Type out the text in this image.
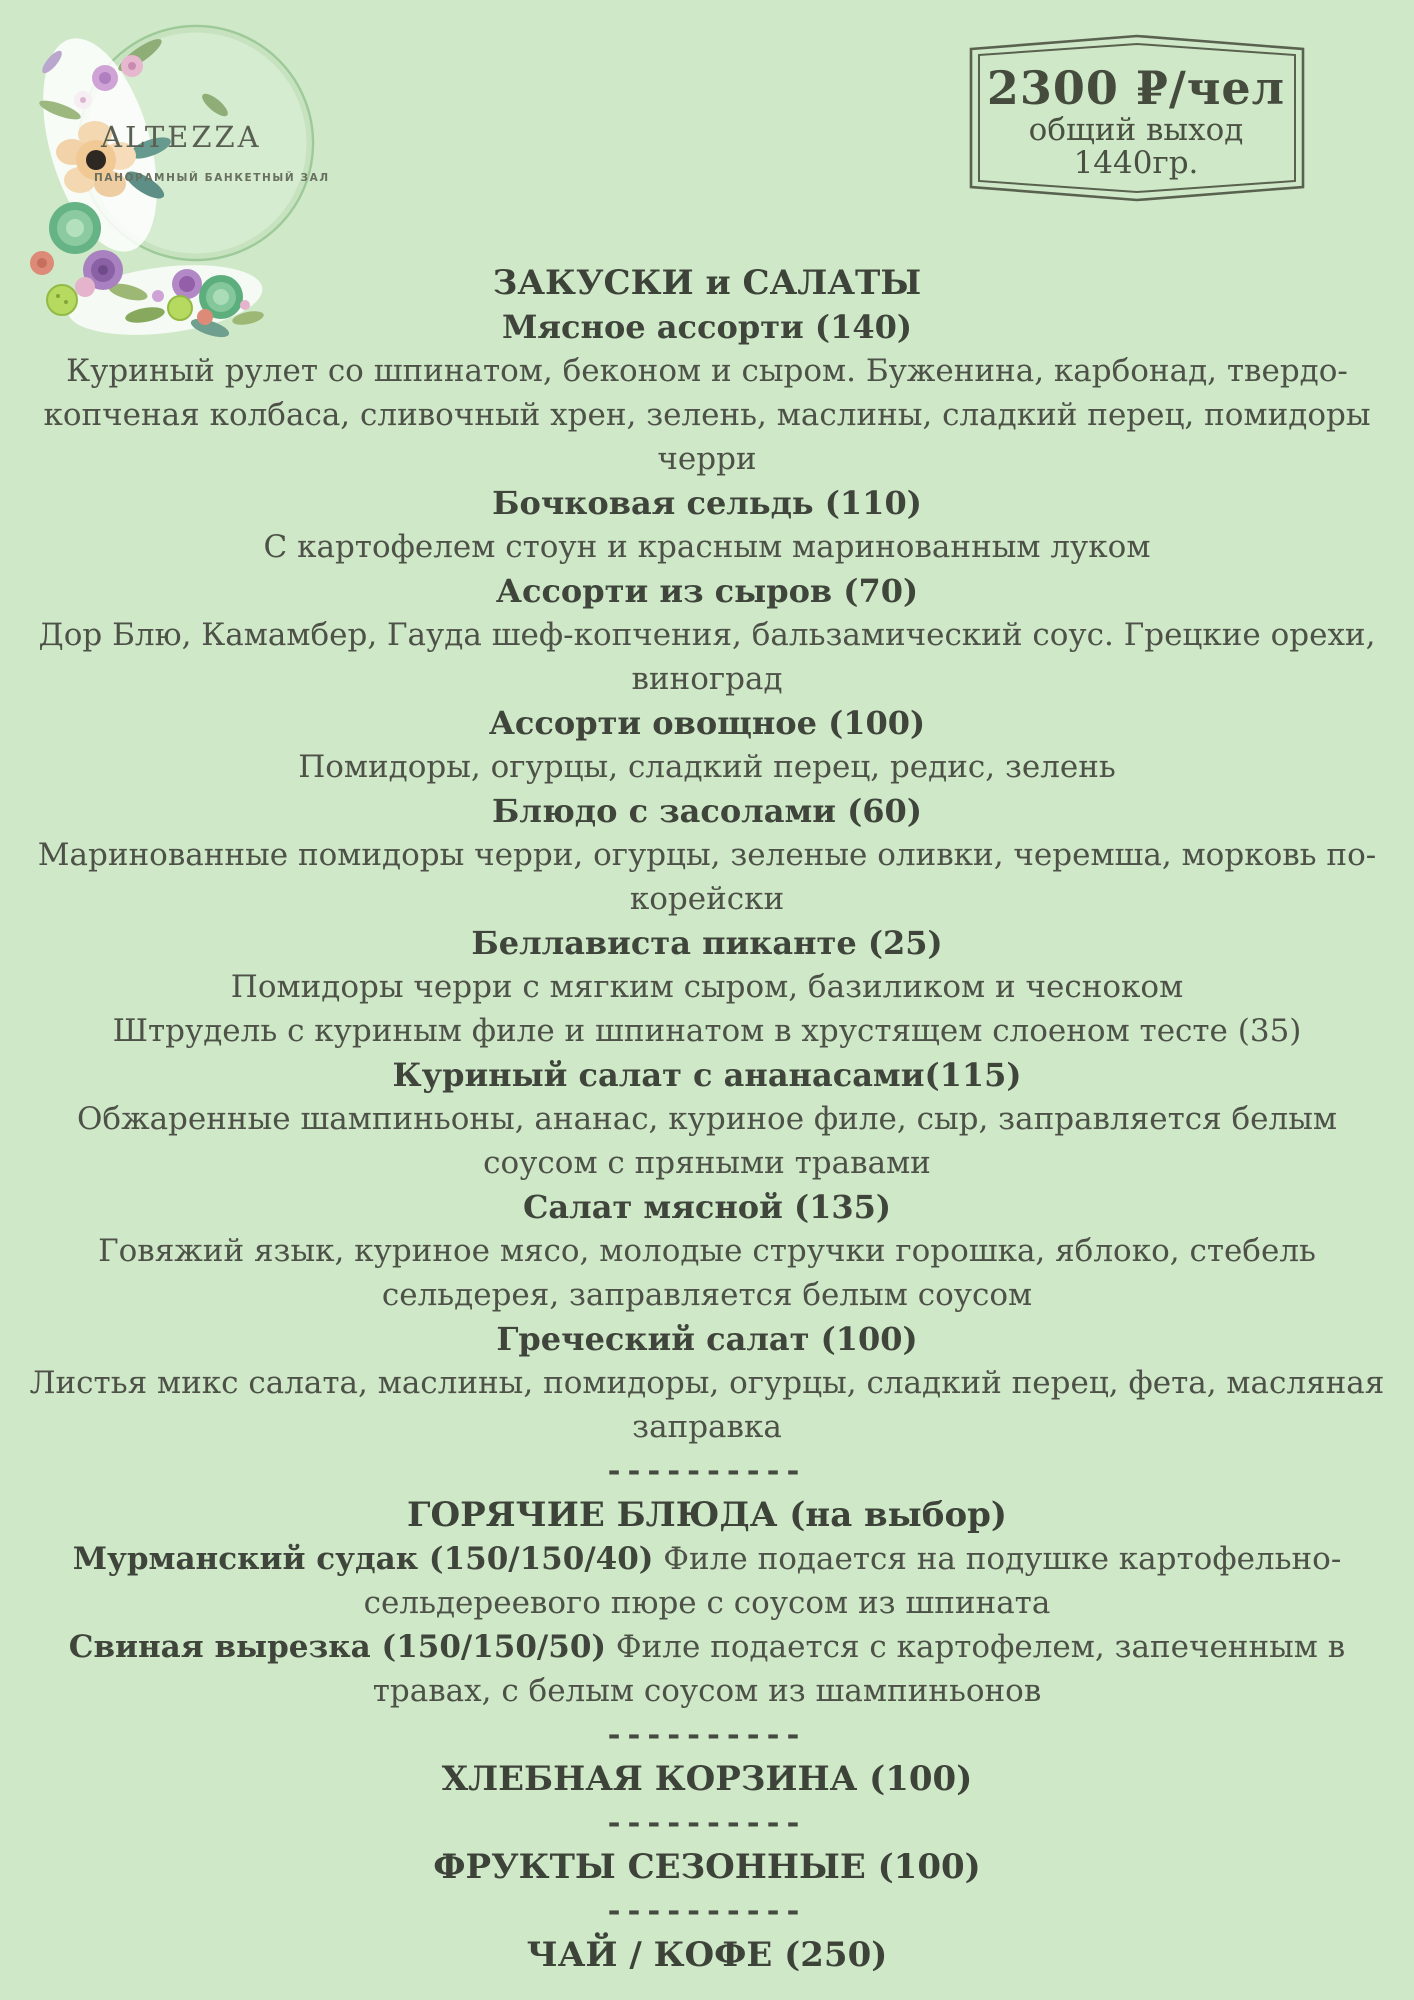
ALTEZZA
ПАНОРАМНЫЙ БАНКЕТНЫЙ ЗАЛ
2300 ₽/чел
общий выход
1440гр.
ЗАКУСКИ и САЛАТЫ
Мясное ассорти (140)
Куриный рулет со шпинатом, беконом и сыром. Буженина, карбонад, твердо-копченая колбаса, сливочный хрен, зелень, маслины, сладкий перец, помидоры черри
Бочковая сельдь (110)
С картофелем стоун и красным маринованным луком
Ассорти из сыров (70)
Дор Блю, Камамбер, Гауда шеф-копчения, бальзамический соус. Грецкие орехи, виноград
Ассорти овощное (100)
Помидоры, огурцы, сладкий перец, редис, зелень
Блюдо с засолами (60)
Маринованные помидоры черри, огурцы, зеленые оливки, черемша, морковь по-корейски
Беллависта пиканте (25)
Помидоры черри с мягким сыром, базиликом и чесноком
Штрудель с куриным филе и шпинатом в хрустящем слоеном тесте (35)
Куриный салат с ананасами(115)
Обжаренные шампиньоны, ананас, куриное филе, сыр, заправляется белым соусом с пряными травами
Салат мясной (135)
Говяжий язык, куриное мясо, молодые стручки горошка, яблоко, стебель сельдерея, заправляется белым соусом
Греческий салат (100)
Листья микс салата, маслины, помидоры, огурцы, сладкий перец, фета, масляная заправка
----------
ГОРЯЧИЕ БЛЮДА (на выбор)
Мурманский судак (150/150/40) Филе подается на подушке картофельно-сельдереевого пюре с соусом из шпината
Свиная вырезка (150/150/50) Филе подается с картофелем, запеченным в травах, с белым соусом из шампиньонов
----------
ХЛЕБНАЯ КОРЗИНА (100)
----------
ФРУКТЫ СЕЗОННЫЕ (100)
----------
ЧАЙ / КОФЕ (250)
